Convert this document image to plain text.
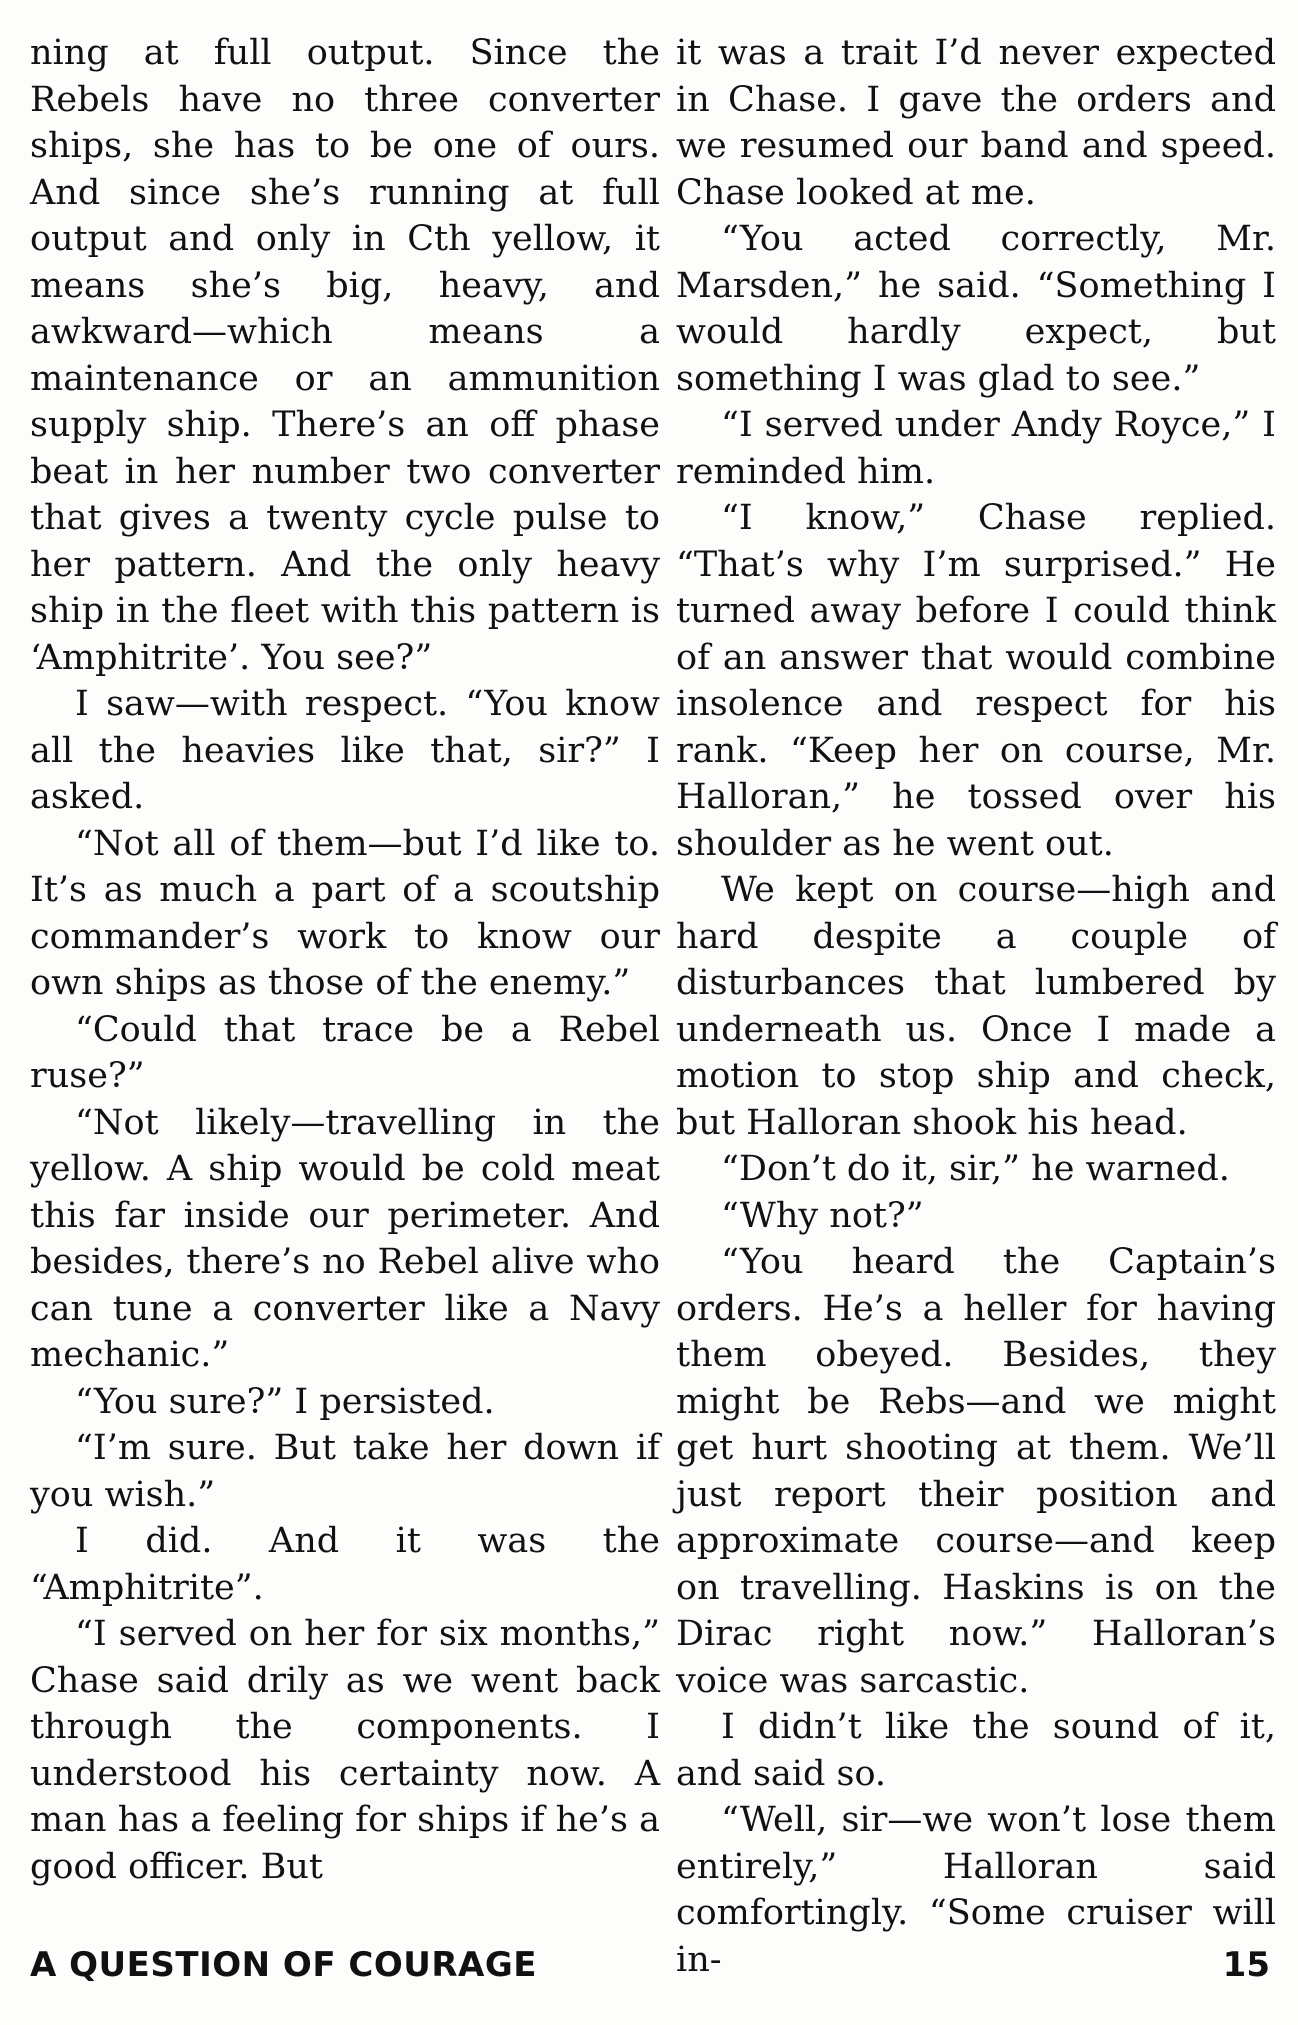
ning at full output. Since the Rebels have no three converter ships, she has to be one of ours. And since she’s running at full output and only in Cth yellow, it means she’s big, heavy, and awkward—which means a maintenance or an ammunition supply ship. There’s an off phase beat in her number two converter that gives a twenty cycle pulse to her pattern. And the only heavy ship in the fleet with this pattern is ‘Amphitrite’. You see?”

I saw—with respect. “You know all the heavies like that, sir?” I asked.

“Not all of them—but I’d like to. It’s as much a part of a scoutship commander’s work to know our own ships as those of the enemy.”

“Could that trace be a Rebel ruse?”

“Not likely—travelling in the yellow. A ship would be cold meat this far inside our perimeter. And besides, there’s no Rebel alive who can tune a converter like a Navy mechanic.”

“You sure?” I persisted.

“I’m sure. But take her down if you wish.”

I did. And it was the “Amphitrite”.

“I served on her for six months,” Chase said drily as we went back through the components. I understood his certainty now. A man has a feeling for ships if he’s a good officer. But

it was a trait I’d never expected in Chase. I gave the orders and we resumed our band and speed. Chase looked at me.

“You acted correctly, Mr. Marsden,” he said. “Something I would hardly expect, but something I was glad to see.”

“I served under Andy Royce,” I reminded him.

“I know,” Chase replied. “That’s why I’m surprised.” He turned away before I could think of an answer that would combine insolence and respect for his rank. “Keep her on course, Mr. Halloran,” he tossed over his shoulder as he went out.

We kept on course—high and hard despite a couple of disturbances that lumbered by underneath us. Once I made a motion to stop ship and check, but Halloran shook his head.

“Don’t do it, sir,” he warned.

“Why not?”

“You heard the Captain’s orders. He’s a heller for having them obeyed. Besides, they might be Rebs—and we might get hurt shooting at them. We’ll just report their position and approximate course—and keep on travelling. Haskins is on the Dirac right now.” Halloran’s voice was sarcastic.

I didn’t like the sound of it, and said so.

“Well, sir—we won’t lose them entirely,” Halloran said comfortingly. “Some cruiser will in-

A QUESTION OF COURAGE	15
